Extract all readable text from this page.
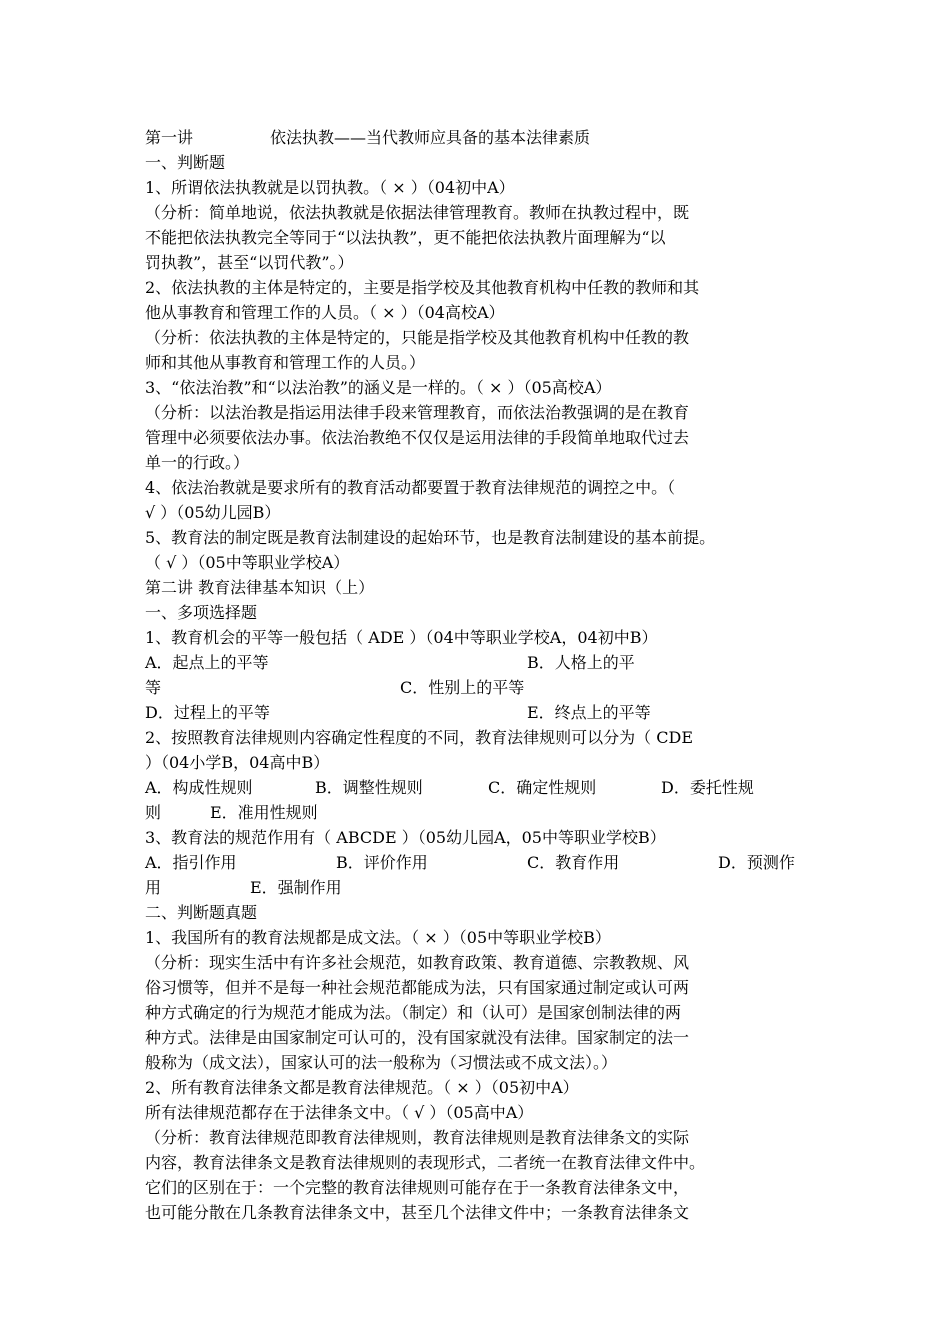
第一讲	依法执教——当代教师应具备的基本法律素质
一、判断题
1、所谓依法执教就是以罚执教。（ × ）（04初中A）
（分析：简单地说，依法执教就是依据法律管理教育。教师在执教过程中，既
不能把依法执教完全等同于“以法执教”，更不能把依法执教片面理解为“以
罚执教”，甚至“以罚代教”。）
2、依法执教的主体是特定的，主要是指学校及其他教育机构中任教的教师和其
他从事教育和管理工作的人员。（ × ）（04高校A）
（分析：依法执教的主体是特定的，只能是指学校及其他教育机构中任教的教
师和其他从事教育和管理工作的人员。）
3、“依法治教”和“以法治教”的涵义是一样的。（ × ）（05高校A）
（分析：以法治教是指运用法律手段来管理教育，而依法治教强调的是在教育
管理中必须要依法办事。依法治教绝不仅仅是运用法律的手段简单地取代过去
单一的行政。）
4、依法治教就是要求所有的教育活动都要置于教育法律规范的调控之中。（
√ ）（05幼儿园B）
5、教育法的制定既是教育法制建设的起始环节，也是教育法制建设的基本前提。
（ √ ）（05中等职业学校A）
第二讲 教育法律基本知识（上）
一、多项选择题
1、教育机会的平等一般包括（ ADE ）（04中等职业学校A，04初中B）
A．起点上的平等	B．人格上的平
等	C．性别上的平等
D．过程上的平等	E．终点上的平等
2、按照教育法律规则内容确定性程度的不同，教育法律规则可以分为（ CDE
）（04小学B，04高中B）
A．构成性规则	B．调整性规则	C．确定性规则	D．委托性规
则	E．准用性规则
3、教育法的规范作用有（ ABCDE ）（05幼儿园A，05中等职业学校B）
A．指引作用	B．评价作用	C．教育作用	D．预测作
用	E．强制作用
二、判断题真题
1、我国所有的教育法规都是成文法。（ × ）（05中等职业学校B）
（分析：现实生活中有许多社会规范，如教育政策、教育道德、宗教教规、风
俗习惯等，但并不是每一种社会规范都能成为法，只有国家通过制定或认可两
种方式确定的行为规范才能成为法。（制定）和（认可）是国家创制法律的两
种方式。法律是由国家制定可认可的，没有国家就没有法律。国家制定的法一
般称为（成文法），国家认可的法一般称为（习惯法或不成文法）。）
2、所有教育法律条文都是教育法律规范。（ × ）（05初中A）
所有法律规范都存在于法律条文中。（ √ ）（05高中A）
（分析：教育法律规范即教育法律规则，教育法律规则是教育法律条文的实际
内容，教育法律条文是教育法律规则的表现形式，二者统一在教育法律文件中。
它们的区别在于：一个完整的教育法律规则可能存在于一条教育法律条文中，
也可能分散在几条教育法律条文中，甚至几个法律文件中；一条教育法律条文
